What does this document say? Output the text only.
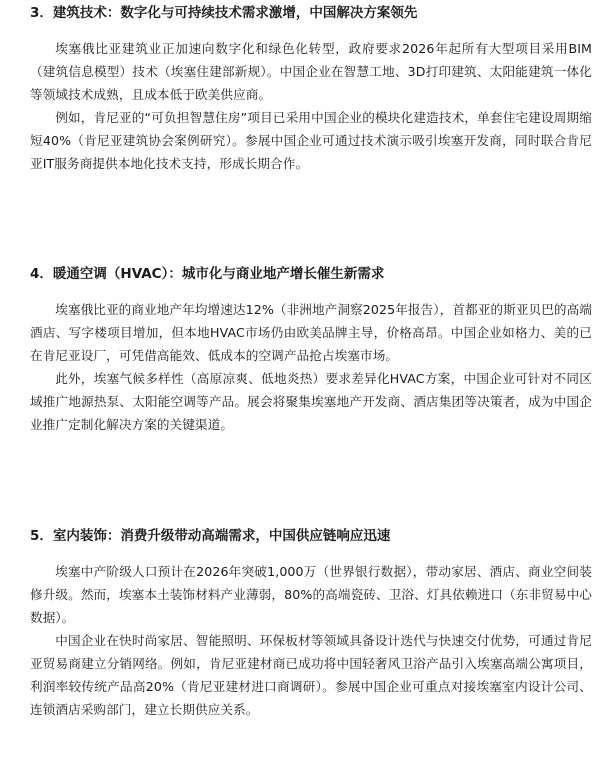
3．建筑技术：数字化与可持续技术需求激增，中国解决方案领先

埃塞俄比亚建筑业正加速向数字化和绿色化转型，政府要求2026年起所有大型项目采用BIM（建筑信息模型）技术（埃塞住建部新规）。中国企业在智慧工地、3D打印建筑、太阳能建筑一体化等领域技术成熟，且成本低于欧美供应商。

例如，肯尼亚的“可负担智慧住房”项目已采用中国企业的模块化建造技术，单套住宅建设周期缩短40%（肯尼亚建筑协会案例研究）。参展中国企业可通过技术演示吸引埃塞开发商，同时联合肯尼亚IT服务商提供本地化技术支持，形成长期合作。

4．暖通空调（HVAC）：城市化与商业地产增长催生新需求

埃塞俄比亚的商业地产年均增速达12%（非洲地产洞察2025年报告），首都亚的斯亚贝巴的高端酒店、写字楼项目增加，但本地HVAC市场仍由欧美品牌主导，价格高昂。中国企业如格力、美的已在肯尼亚设厂，可凭借高能效、低成本的空调产品抢占埃塞市场。

此外，埃塞气候多样性（高原凉爽、低地炎热）要求差异化HVAC方案，中国企业可针对不同区域推广地源热泵、太阳能空调等产品。展会将聚集埃塞地产开发商、酒店集团等决策者，成为中国企业推广定制化解决方案的关键渠道。

5．室内装饰：消费升级带动高端需求，中国供应链响应迅速

埃塞中产阶级人口预计在2026年突破1,000万（世界银行数据），带动家居、酒店、商业空间装修升级。然而，埃塞本土装饰材料产业薄弱，80%的高端瓷砖、卫浴、灯具依赖进口（东非贸易中心数据）。

中国企业在快时尚家居、智能照明、环保板材等领域具备设计迭代与快速交付优势，可通过肯尼亚贸易商建立分销网络。例如，肯尼亚建材商已成功将中国轻奢风卫浴产品引入埃塞高端公寓项目，利润率较传统产品高20%（肯尼亚建材进口商调研）。参展中国企业可重点对接埃塞室内设计公司、连锁酒店采购部门，建立长期供应关系。
